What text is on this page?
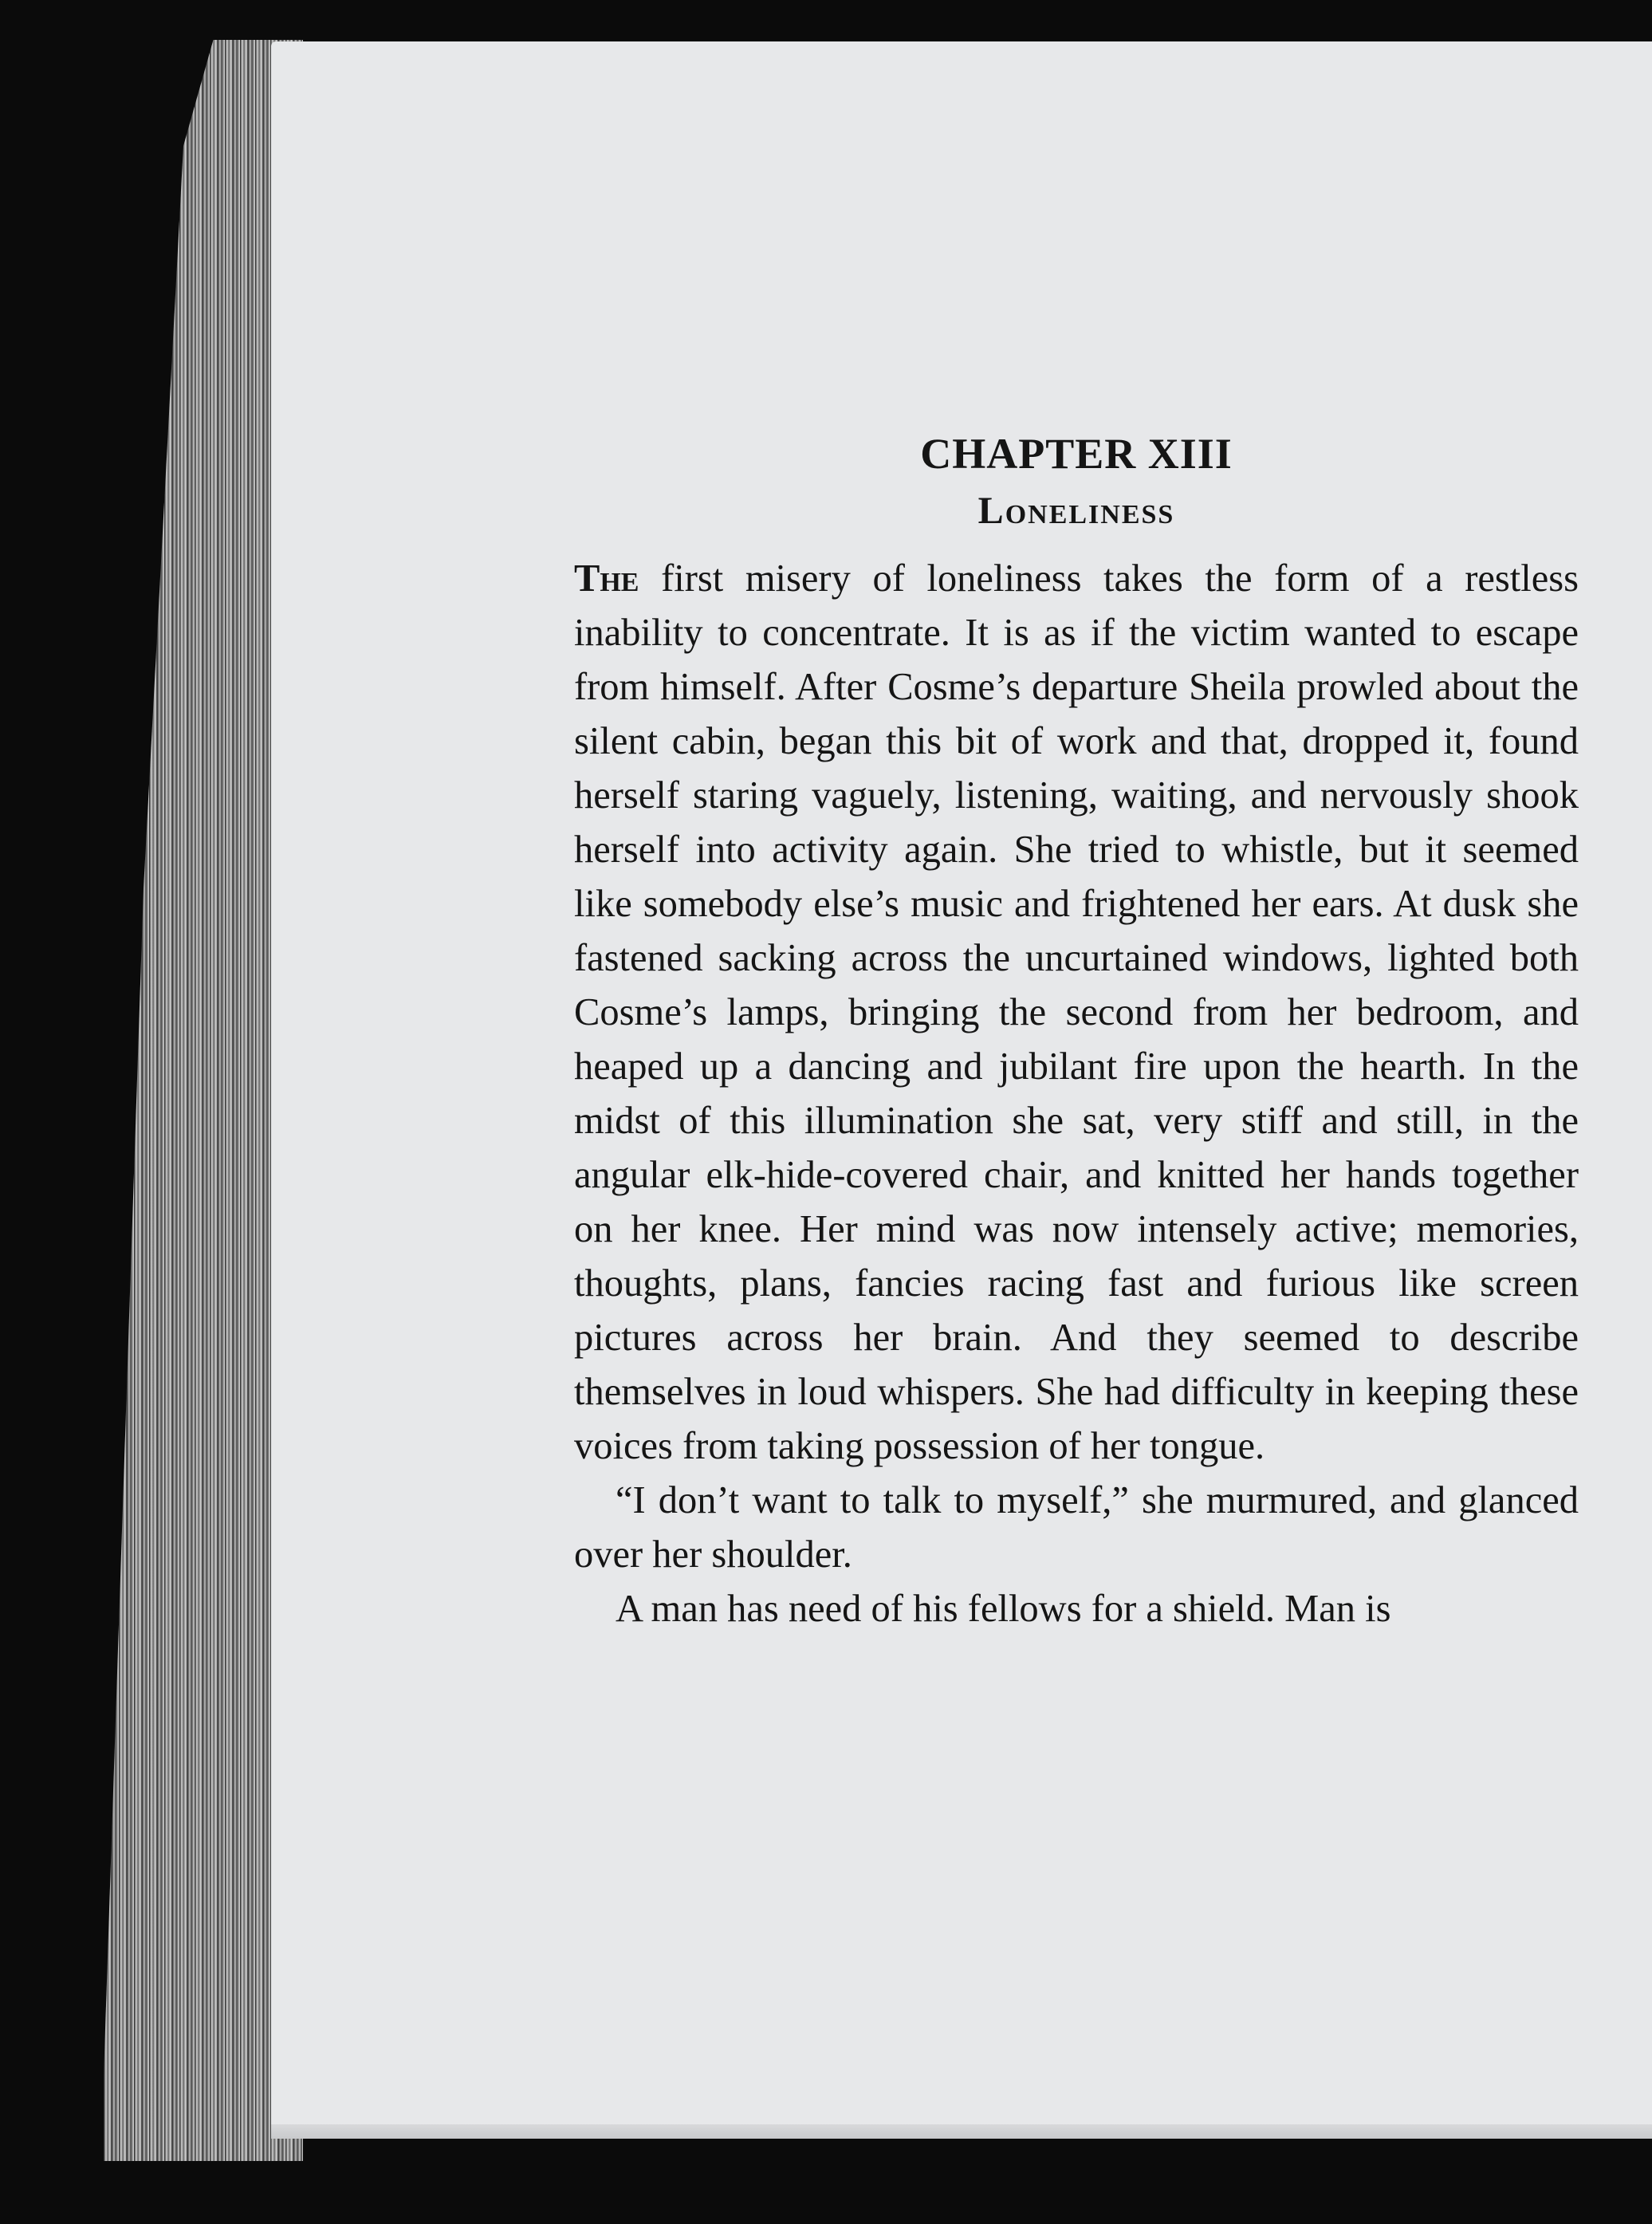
CHAPTER XIII
Loneliness

The first misery of loneliness takes the form of a restless inability to concentrate. It is as if the victim wanted to escape from himself. After Cosme’s departure Sheila prowled about the silent cabin, began this bit of work and that, dropped it, found herself staring vaguely, listening, waiting, and nervously shook herself into activity again. She tried to whistle, but it seemed like somebody else’s music and frightened her ears. At dusk she fastened sacking across the uncurtained windows, lighted both Cosme’s lamps, bringing the second from her bedroom, and heaped up a dancing and jubilant fire upon the hearth. In the midst of this illumination she sat, very stiff and still, in the angular elk-hide-covered chair, and knitted her hands together on her knee. Her mind was now intensely active; memories, thoughts, plans, fancies racing fast and furious like screen pictures across her brain. And they seemed to describe themselves in loud whispers. She had difficulty in keeping these voices from taking possession of her tongue.

“I don’t want to talk to myself,” she murmured, and glanced over her shoulder.

A man has need of his fellows for a shield. Man is
